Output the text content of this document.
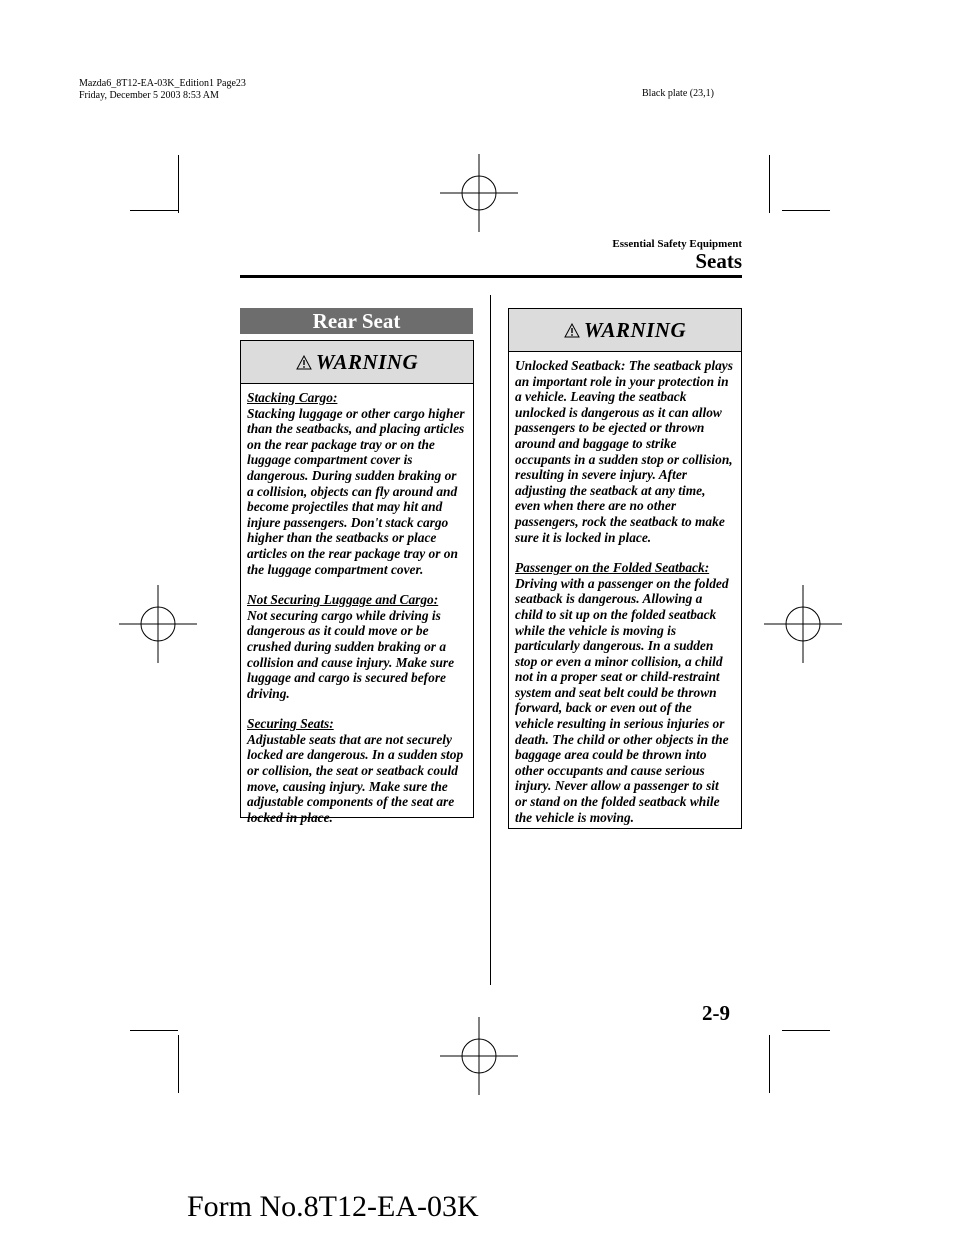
Mazda6_8T12-EA-03K_Edition1 Page23
Friday, December 5 2003 8:53 AM	Black plate (23,1)
Essential Safety Equipment
Seats
Rear Seat
WARNING

Stacking Cargo:
Stacking luggage or other cargo higher than the seatbacks, and placing articles on the rear package tray or on the luggage compartment cover is dangerous. During sudden braking or a collision, objects can fly around and become projectiles that may hit and injure passengers. Don't stack cargo higher than the seatbacks or place articles on the rear package tray or on the luggage compartment cover.

Not Securing Luggage and Cargo:
Not securing cargo while driving is dangerous as it could move or be crushed during sudden braking or a collision and cause injury. Make sure luggage and cargo is secured before driving.

Securing Seats:
Adjustable seats that are not securely locked are dangerous. In a sudden stop or collision, the seat or seatback could move, causing injury. Make sure the adjustable components of the seat are locked in place.

WARNING

Unlocked Seatback: The seatback plays an important role in your protection in a vehicle. Leaving the seatback unlocked is dangerous as it can allow passengers to be ejected or thrown around and baggage to strike occupants in a sudden stop or collision, resulting in severe injury. After adjusting the seatback at any time, even when there are no other passengers, rock the seatback to make sure it is locked in place.

Passenger on the Folded Seatback:
Driving with a passenger on the folded seatback is dangerous. Allowing a child to sit up on the folded seatback while the vehicle is moving is particularly dangerous. In a sudden stop or even a minor collision, a child not in a proper seat or child-restraint system and seat belt could be thrown forward, back or even out of the vehicle resulting in serious injuries or death. The child or other objects in the baggage area could be thrown into other occupants and cause serious injury. Never allow a passenger to sit or stand on the folded seatback while the vehicle is moving.

2-9
Form No.8T12-EA-03K
